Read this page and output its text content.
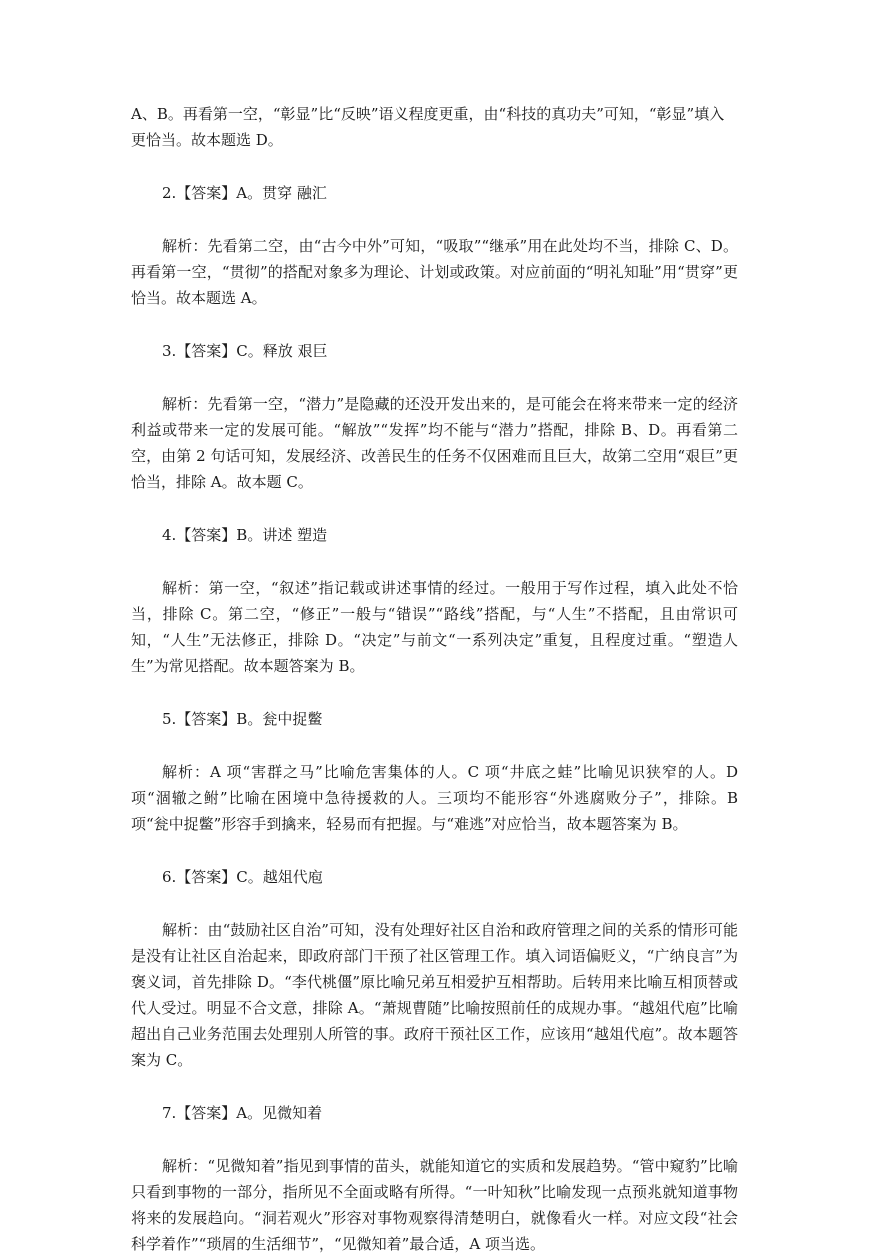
A、B。再看第一空，“彰显”比“反映”语义程度更重，由“科技的真功夫”可知，“彰显”填入更恰当。故本题选 D。

2.【答案】A。贯穿 融汇

解析：先看第二空，由“古今中外”可知，“吸取”“继承”用在此处均不当，排除 C、D。再看第一空，“贯彻”的搭配对象多为理论、计划或政策。对应前面的“明礼知耻”用“贯穿”更恰当。故本题选 A。

3.【答案】C。释放 艰巨

解析：先看第一空，“潜力”是隐藏的还没开发出来的，是可能会在将来带来一定的经济利益或带来一定的发展可能。“解放”“发挥”均不能与“潜力”搭配，排除 B、D。再看第二空，由第 2 句话可知，发展经济、改善民生的任务不仅困难而且巨大，故第二空用“艰巨”更恰当，排除 A。故本题 C。

4.【答案】B。讲述 塑造

解析：第一空，“叙述”指记载或讲述事情的经过。一般用于写作过程，填入此处不恰当，排除 C。第二空，“修正”一般与“错误”“路线”搭配，与“人生”不搭配，且由常识可知，“人生”无法修正，排除 D。“决定”与前文“一系列决定”重复，且程度过重。“塑造人生”为常见搭配。故本题答案为 B。

5.【答案】B。瓮中捉鳖

解析：A 项“害群之马”比喻危害集体的人。C 项“井底之蛙”比喻见识狭窄的人。D 项“涸辙之鲋”比喻在困境中急待援救的人。三项均不能形容“外逃腐败分子”，排除。B 项“瓮中捉鳖”形容手到擒来，轻易而有把握。与“难逃”对应恰当，故本题答案为 B。

6.【答案】C。越俎代庖

解析：由“鼓励社区自治”可知，没有处理好社区自治和政府管理之间的关系的情形可能是没有让社区自治起来，即政府部门干预了社区管理工作。填入词语偏贬义，“广纳良言”为褒义词，首先排除 D。“李代桃僵”原比喻兄弟互相爱护互相帮助。后转用来比喻互相顶替或代人受过。明显不合文意，排除 A。“萧规曹随”比喻按照前任的成规办事。“越俎代庖”比喻超出自己业务范围去处理别人所管的事。政府干预社区工作，应该用“越俎代庖”。故本题答案为 C。

7.【答案】A。见微知着

解析：“见微知着”指见到事情的苗头，就能知道它的实质和发展趋势。“管中窥豹”比喻只看到事物的一部分，指所见不全面或略有所得。“一叶知秋”比喻发现一点预兆就知道事物将来的发展趋向。“洞若观火”形容对事物观察得清楚明白，就像看火一样。对应文段“社会科学着作”“琐屑的生活细节”，“见微知着”最合适，A 项当选。
